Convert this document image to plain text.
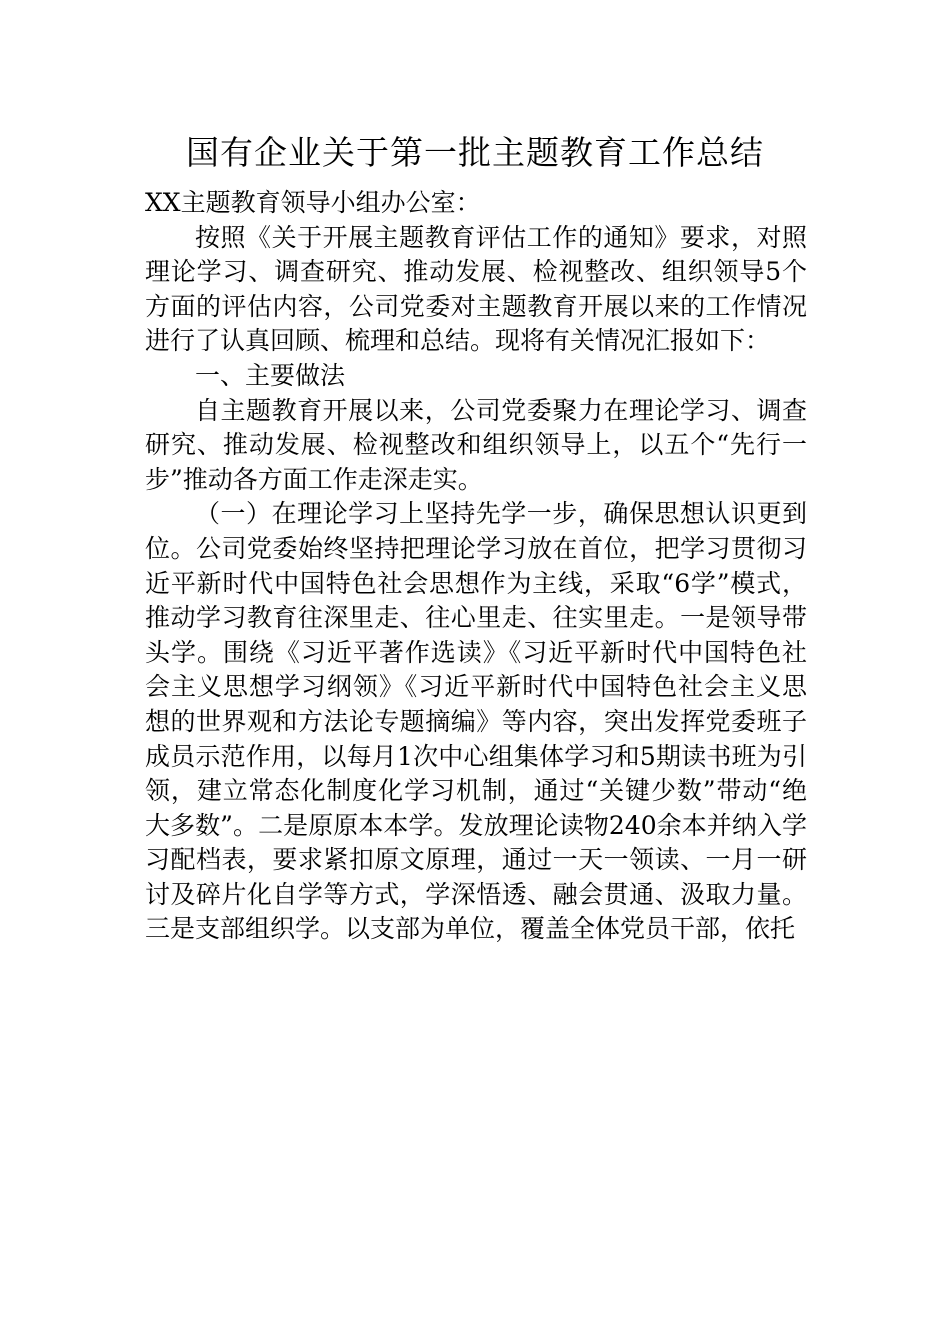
国有企业关于第一批主题教育工作总结

XX主题教育领导小组办公室：

按照《关于开展主题教育评估工作的通知》要求，对照理论学习、调查研究、推动发展、检视整改、组织领导5个方面的评估内容，公司党委对主题教育开展以来的工作情况进行了认真回顾、梳理和总结。现将有关情况汇报如下：

一、主要做法

自主题教育开展以来，公司党委聚力在理论学习、调查研究、推动发展、检视整改和组织领导上，以五个“先行一步”推动各方面工作走深走实。

（一）在理论学习上坚持先学一步，确保思想认识更到位。公司党委始终坚持把理论学习放在首位，把学习贯彻习近平新时代中国特色社会思想作为主线，采取“6学”模式，推动学习教育往深里走、往心里走、往实里走。一是领导带头学。围绕《习近平著作选读》《习近平新时代中国特色社会主义思想学习纲领》《习近平新时代中国特色社会主义思想的世界观和方法论专题摘编》等内容，突出发挥党委班子成员示范作用，以每月1次中心组集体学习和5期读书班为引领，建立常态化制度化学习机制，通过“关键少数”带动“绝大多数”。二是原原本本学。发放理论读物240余本并纳入学习配档表，要求紧扣原文原理，通过一天一领读、一月一研讨及碎片化自学等方式，学深悟透、融会贯通、汲取力量。三是支部组织学。以支部为单位，覆盖全体党员干部，依托
